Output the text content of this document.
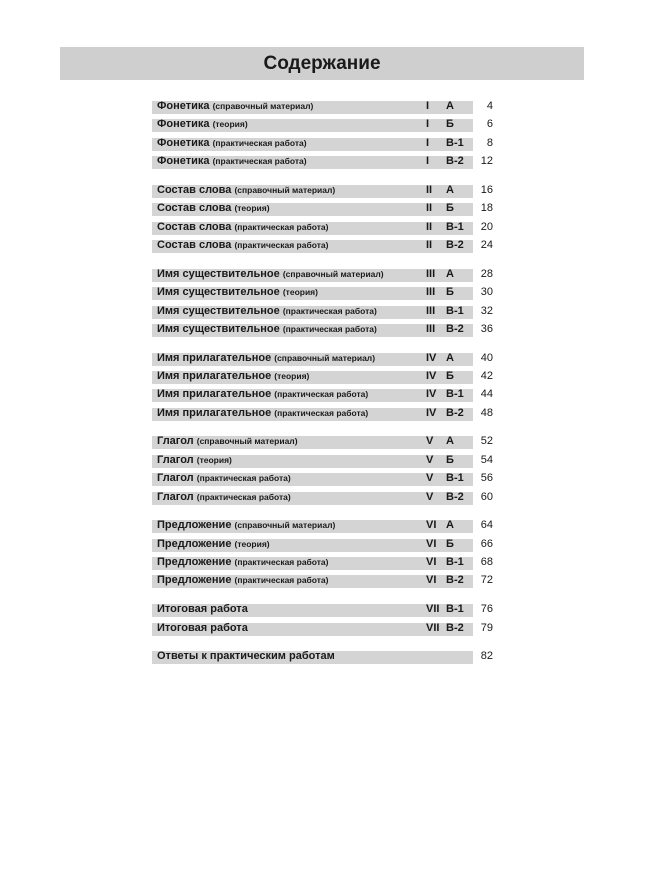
Содержание
Фонетика (справочный материал)	I А	4
Фонетика (теория)	I Б	6
Фонетика (практическая работа)	I В-1 8
Фонетика (практическая работа)	I В-2 12
Состав слова (справочный материал)	II А 16
Состав слова (теория)	II Б 18
Состав слова (практическая работа)	II В-1 20
Состав слова (практическая работа)	II В-2 24
Имя существительное (справочный материал)	III А 28
Имя существительное (теория)	III Б 30
Имя существительное (практическая работа)	III В-1 32
Имя существительное (практическая работа)	III В-2 36
Имя прилагательное (справочный материал)	IV А 40
Имя прилагательное (теория)	IV Б 42
Имя прилагательное (практическая работа)	IV В-1 44
Имя прилагательное (практическая работа)	IV В-2 48
Глагол (справочный материал)	V А 52
Глагол (теория)	V Б 54
Глагол (практическая работа)	V В-1 56
Глагол (практическая работа)	V В-2 60
Предложение (справочный материал)	VI А 64
Предложение (теория)	VI Б 66
Предложение (практическая работа)	VI В-1 68
Предложение (практическая работа)	VI В-2 72
Итоговая работа	VII В-1 76
Итоговая работа	VII В-2 79
Ответы к практическим работам	82
